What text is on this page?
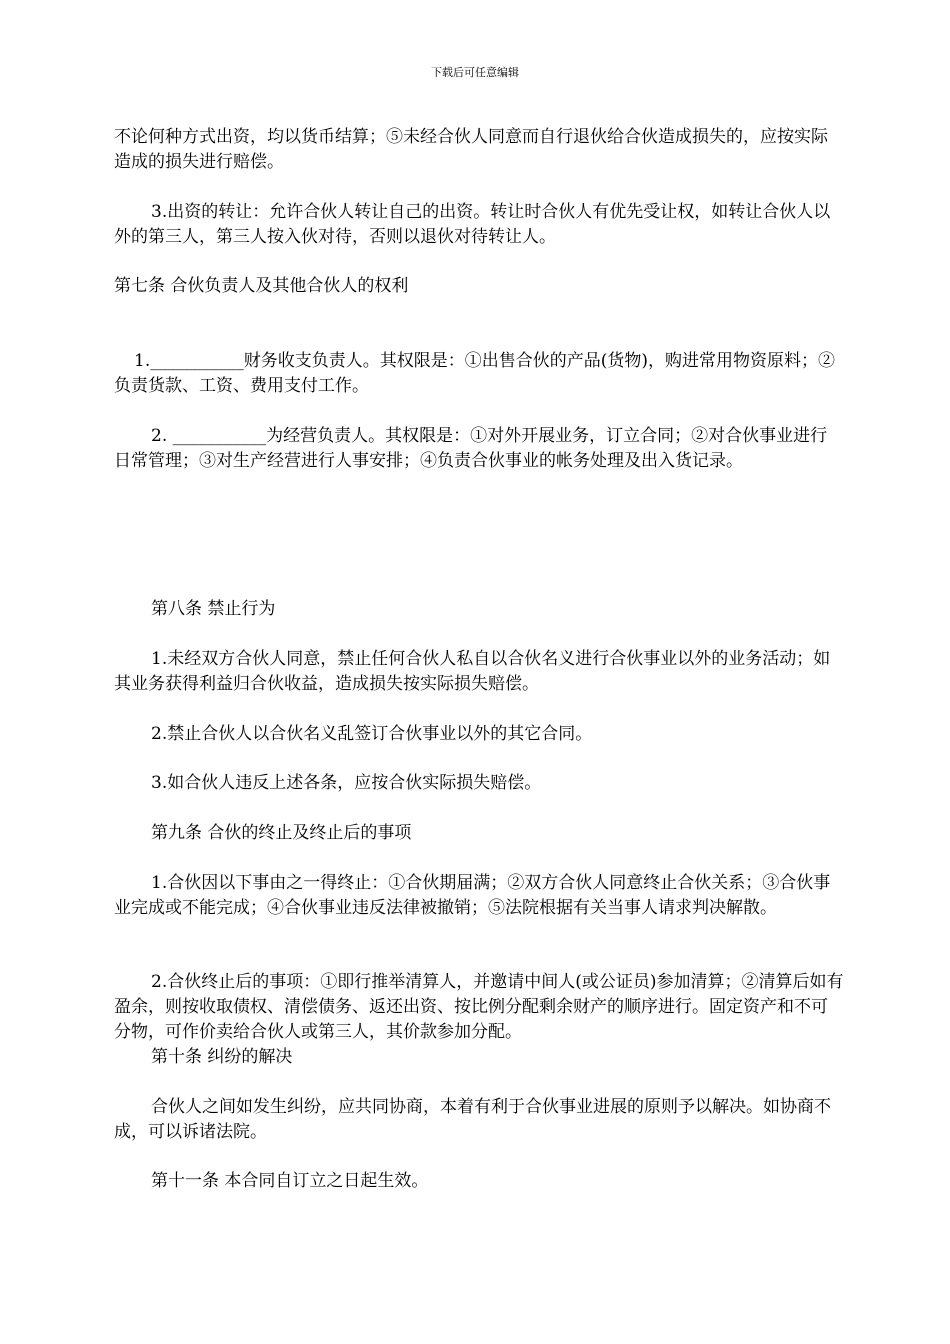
下载后可任意编辑

不论何种方式出资，均以货币结算；⑤未经合伙人同意而自行退伙给合伙造成损失的，应按实际造成的损失进行赔偿。

3.出资的转让：允许合伙人转让自己的出资。转让时合伙人有优先受让权，如转让合伙人以外的第三人，第三人按入伙对待，否则以退伙对待转让人。

第七条 合伙负责人及其他合伙人的权利

1.___________财务收支负责人。其权限是：①出售合伙的产品(货物)，购进常用物资原料；②负责货款、工资、费用支付工作。

2. ___________为经营负责人。其权限是：①对外开展业务，订立合同；②对合伙事业进行日常管理；③对生产经营进行人事安排；④负责合伙事业的帐务处理及出入货记录。

第八条 禁止行为

1.未经双方合伙人同意，禁止任何合伙人私自以合伙名义进行合伙事业以外的业务活动；如其业务获得利益归合伙收益，造成损失按实际损失赔偿。

2.禁止合伙人以合伙名义乱签订合伙事业以外的其它合同。

3.如合伙人违反上述各条，应按合伙实际损失赔偿。

第九条 合伙的终止及终止后的事项

1.合伙因以下事由之一得终止：①合伙期届满；②双方合伙人同意终止合伙关系；③合伙事业完成或不能完成；④合伙事业违反法律被撤销；⑤法院根据有关当事人请求判决解散。

2.合伙终止后的事项：①即行推举清算人，并邀请中间人(或公证员)参加清算；②清算后如有盈余，则按收取债权、清偿债务、返还出资、按比例分配剩余财产的顺序进行。固定资产和不可分物，可作价卖给合伙人或第三人，其价款参加分配。

第十条 纠纷的解决

合伙人之间如发生纠纷，应共同协商，本着有利于合伙事业进展的原则予以解决。如协商不成，可以诉诸法院。

第十一条 本合同自订立之日起生效。
